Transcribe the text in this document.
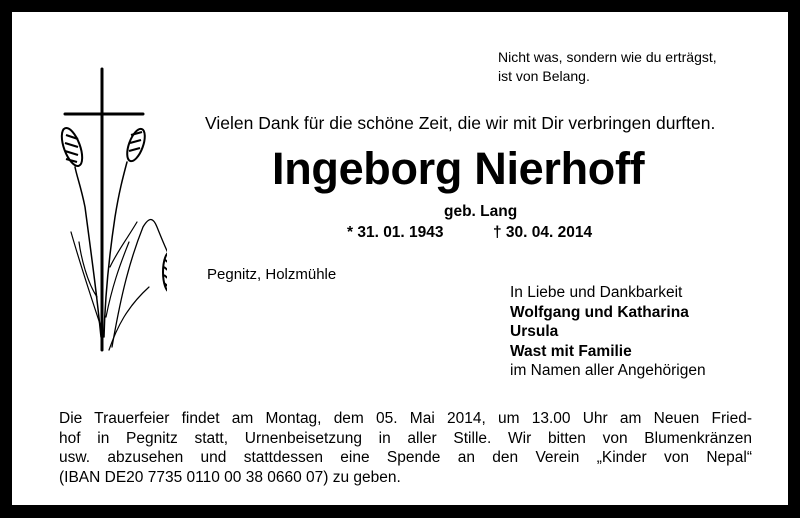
Nicht was, sondern wie du erträgst,
ist von Belang.
Vielen Dank für die schöne Zeit, die wir mit Dir verbringen durften.
Ingeborg Nierhoff
geb. Lang
* 31. 01. 1943	† 30. 04. 2014
Pegnitz, Holzmühle
In Liebe und Dankbarkeit
Wolfgang und Katharina
Ursula
Wast mit Familie
im Namen aller Angehörigen
Die Trauerfeier findet am Montag, dem 05. Mai 2014, um 13.00 Uhr am Neuen Fried-
hof in Pegnitz statt, Urnenbeisetzung in aller Stille. Wir bitten von Blumenkränzen
usw. abzusehen und stattdessen eine Spende an den Verein „Kinder von Nepal“
(IBAN DE20 7735 0110 00 38 0660 07) zu geben.
